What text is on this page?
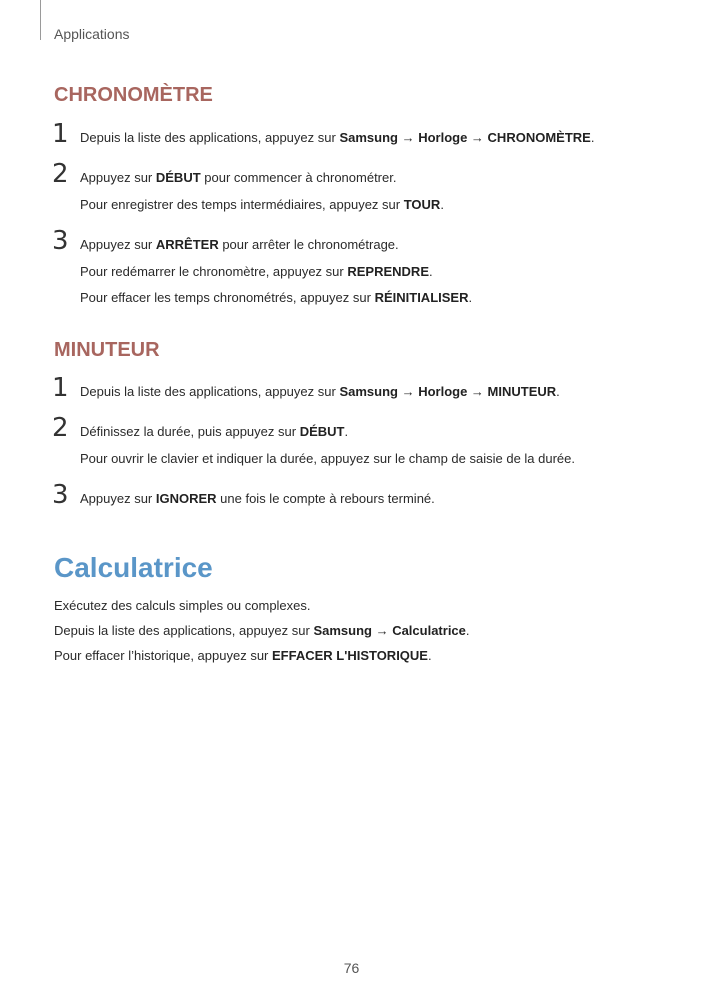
Applications
CHRONOMÈTRE
1 Depuis la liste des applications, appuyez sur Samsung → Horloge → CHRONOMÈTRE.
2 Appuyez sur DÉBUT pour commencer à chronométrer.
Pour enregistrer des temps intermédiaires, appuyez sur TOUR.
3 Appuyez sur ARRÊTER pour arrêter le chronométrage.
Pour redémarrer le chronomètre, appuyez sur REPRENDRE.
Pour effacer les temps chronométrés, appuyez sur RÉINITIALISER.
MINUTEUR
1 Depuis la liste des applications, appuyez sur Samsung → Horloge → MINUTEUR.
2 Définissez la durée, puis appuyez sur DÉBUT.
Pour ouvrir le clavier et indiquer la durée, appuyez sur le champ de saisie de la durée.
3 Appuyez sur IGNORER une fois le compte à rebours terminé.
Calculatrice
Exécutez des calculs simples ou complexes.
Depuis la liste des applications, appuyez sur Samsung → Calculatrice.
Pour effacer l’historique, appuyez sur EFFACER L'HISTORIQUE.
76
